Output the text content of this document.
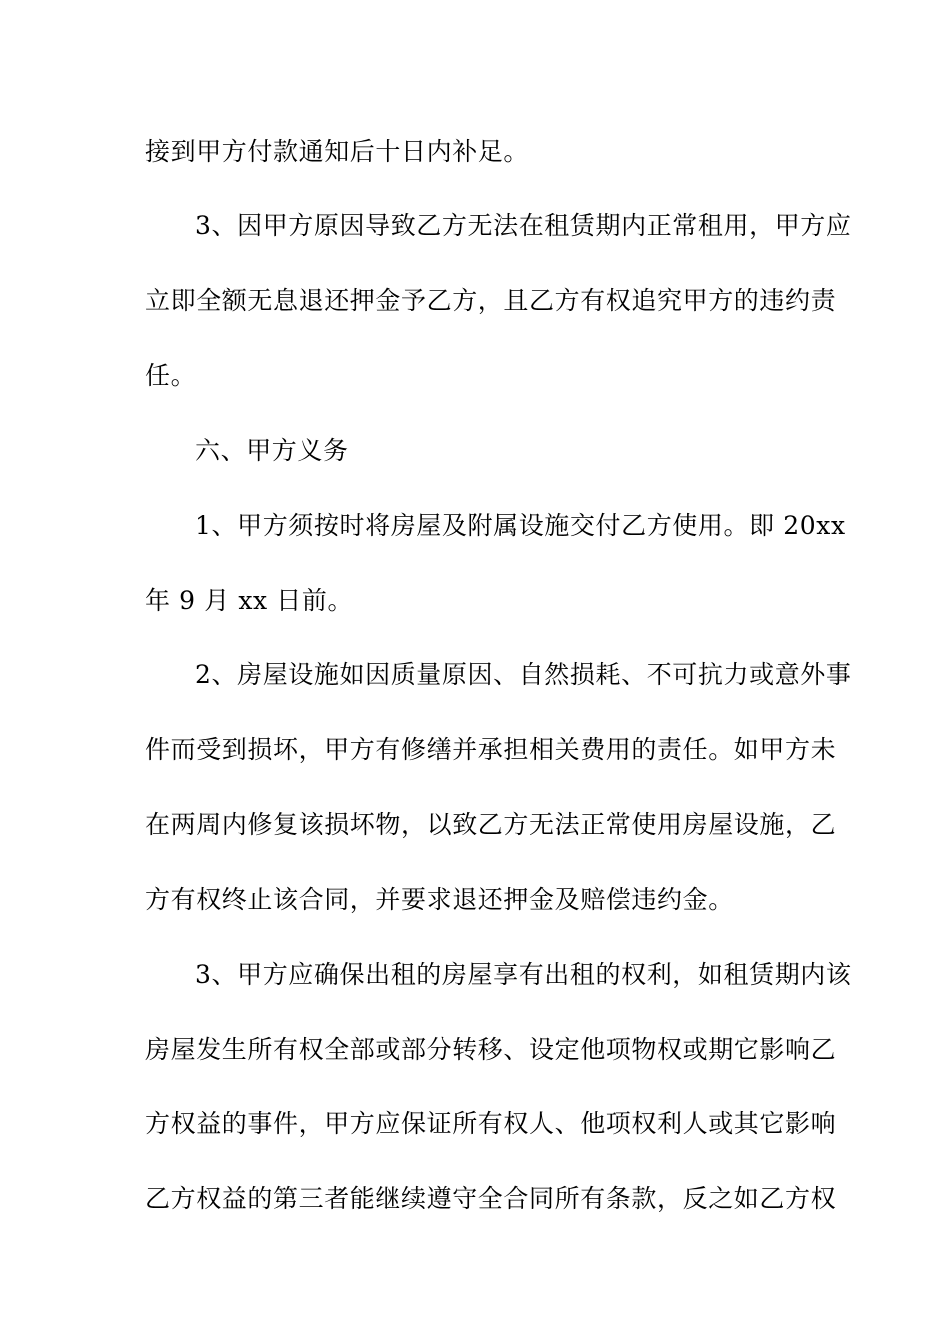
接到甲方付款通知后十日内补足。
3、因甲方原因导致乙方无法在租赁期内正常租用，甲方应
立即全额无息退还押金予乙方，且乙方有权追究甲方的违约责
任。
六、甲方义务
1、甲方须按时将房屋及附属设施交付乙方使用。即 20xx
年 9 月 xx 日前。
2、房屋设施如因质量原因、自然损耗、不可抗力或意外事
件而受到损坏，甲方有修缮并承担相关费用的责任。如甲方未
在两周内修复该损坏物，以致乙方无法正常使用房屋设施，乙
方有权终止该合同，并要求退还押金及赔偿违约金。
3、甲方应确保出租的房屋享有出租的权利，如租赁期内该
房屋发生所有权全部或部分转移、设定他项物权或期它影响乙
方权益的事件，甲方应保证所有权人、他项权利人或其它影响
乙方权益的第三者能继续遵守全合同所有条款，反之如乙方权
